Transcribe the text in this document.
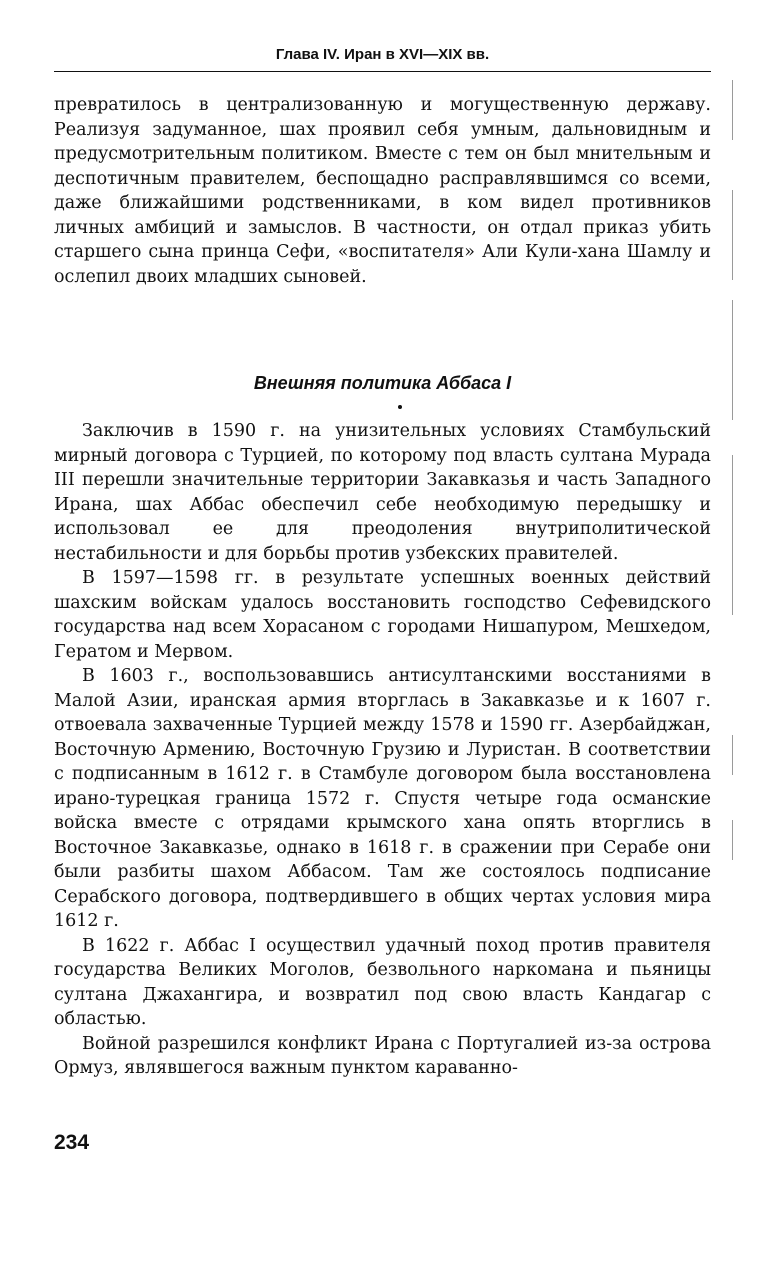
Глава IV. Иран в XVI—XIX вв.

превратилось в централизованную и могущественную державу. Реализуя задуманное, шах проявил себя умным, дальновидным и предусмотрительным политиком. Вместе с тем он был мнительным и деспотичным правителем, беспощадно расправлявшимся со всеми, даже ближайшими родственниками, в ком видел противников личных амбиций и замыслов. В частности, он отдал приказ убить старшего сына принца Сефи, «воспитателя» Али Кули-хана Шамлу и ослепил двоих младших сыновей.

Внешняя политика Аббаса I

Заключив в 1590 г. на унизительных условиях Стамбульский мирный договора с Турцией, по которому под власть султана Мурада III перешли значительные территории Закавказья и часть Западного Ирана, шах Аббас обеспечил себе необходимую передышку и использовал ее для преодоления внутриполитической нестабильности и для борьбы против узбекских правителей.

В 1597—1598 гг. в результате успешных военных действий шахским войскам удалось восстановить господство Сефевидского государства над всем Хорасаном с городами Нишапуром, Мешхедом, Гератом и Мервом.

В 1603 г., воспользовавшись антисултанскими восстаниями в Малой Азии, иранская армия вторглась в Закавказье и к 1607 г. отвоевала захваченные Турцией между 1578 и 1590 гг. Азербайджан, Восточную Армению, Восточную Грузию и Луристан. В соответствии с подписанным в 1612 г. в Стамбуле договором была восстановлена ирано-турецкая граница 1572 г. Спустя четыре года османские войска вместе с отрядами крымского хана опять вторглись в Восточное Закавказье, однако в 1618 г. в сражении при Серабе они были разбиты шахом Аббасом. Там же состоялось подписание Серабского договора, подтвердившего в общих чертах условия мира 1612 г.

В 1622 г. Аббас I осуществил удачный поход против правителя государства Великих Моголов, безвольного наркомана и пьяницы султана Джахангира, и возвратил под свою власть Кандагар с областью.

Войной разрешился конфликт Ирана с Португалией из-за острова Ормуз, являвшегося важным пунктом караванно-

234
